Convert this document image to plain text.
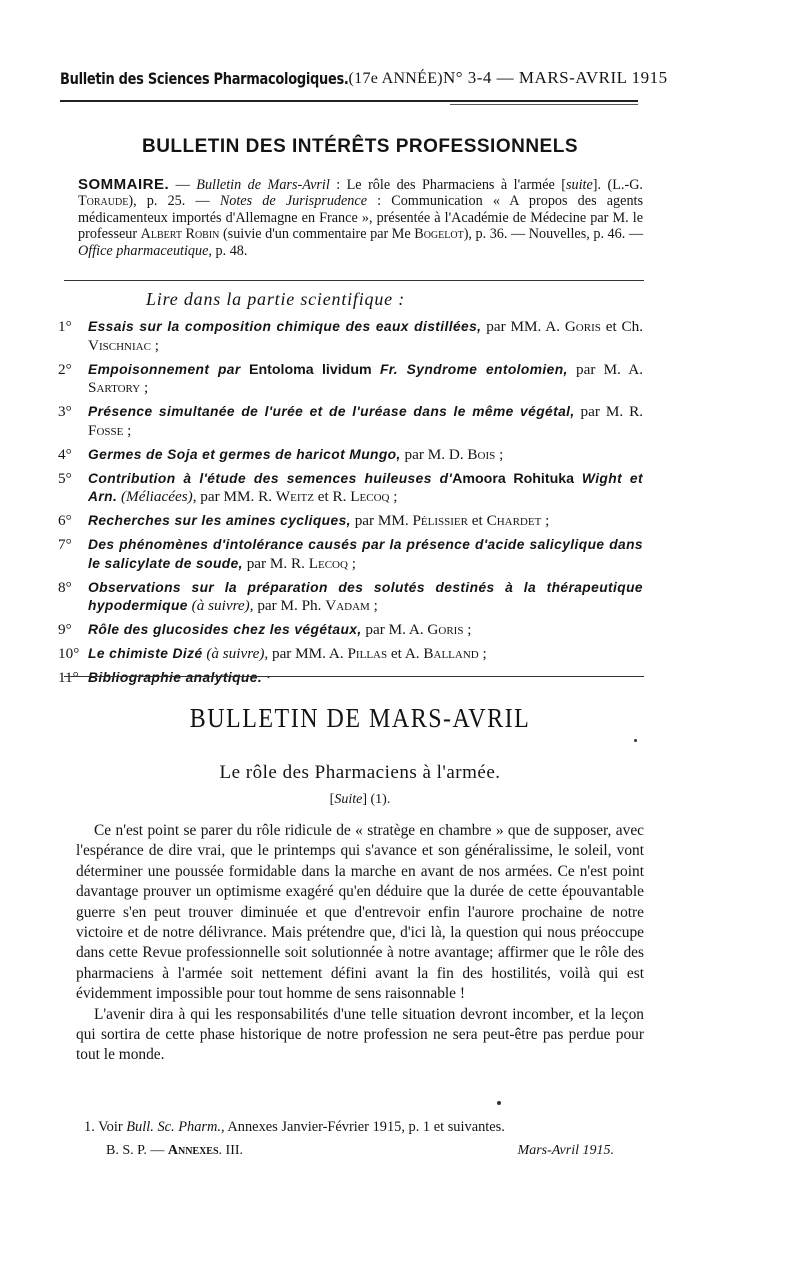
Bulletin des Sciences Pharmacologiques. (17e ANNÉE) N° 3-4 — MARS-AVRIL 1915
BULLETIN DES INTÉRÊTS PROFESSIONNELS
SOMMAIRE. — Bulletin de Mars-Avril : Le rôle des Pharmaciens à l'armée [suite]. (L.-G. Toraude), p. 25. — Notes de Jurisprudence : Communication « A propos des agents médicamenteux importés d'Allemagne en France », présentée à l'Académie de Médecine par M. le professeur Albert Robin (suivie d'un commentaire par Me Bogelot), p. 36. — Nouvelles, p. 46. — Office pharmaceutique, p. 48.
Lire dans la partie scientifique :
1°	Essais sur la composition chimique des eaux distillées, par MM. A. Goris et Ch. Vischniac ;
2°	Empoisonnement par Entoloma lividum Fr. Syndrome entolomien, par M. A. Sartory ;
3°	Présence simultanée de l'urée et de l'uréase dans le même végétal, par M. R. Fosse ;
4°	Germes de Soja et germes de haricot Mungo, par M. D. Bois ;
5°	Contribution à l'étude des semences huileuses d'Amoora Rohituka Wight et Arn. (Méliacées), par MM. R. Weitz et R. Lecoq ;
6°	Recherches sur les amines cycliques, par MM. Pélissier et Chardet ;
7°	Des phénomènes d'intolérance causés par la présence d'acide salicylique dans le salicylate de soude, par M. R. Lecoq ;
8°	Observations sur la préparation des solutés destinés à la thérapeutique hypodermique (à suivre), par M. Ph. Vadam ;
9°	Rôle des glucosides chez les végétaux, par M. A. Goris ;
10° Le chimiste Dizé (à suivre), par MM. A. Pillas et A. Balland ;
11° Bibliographie analytique. ·
BULLETIN DE MARS-AVRIL
Le rôle des Pharmaciens à l'armée.
[Suite] (1).

Ce n'est point se parer du rôle ridicule de « stratège en chambre » que de supposer, avec l'espérance de dire vrai, que le printemps qui s'avance et son généralissime, le soleil, vont déterminer une poussée formidable dans la marche en avant de nos armées. Ce n'est point davantage prouver un optimisme exagéré qu'en déduire que la durée de cette épouvantable guerre s'en peut trouver diminuée et que d'entrevoir enfin l'aurore prochaine de notre victoire et de notre délivrance. Mais prétendre que, d'ici là, la question qui nous préoccupe dans cette Revue professionnelle soit solutionnée à notre avantage; affirmer que le rôle des pharmaciens à l'armée soit nettement défini avant la fin des hostilités, voilà qui est évidemment impossible pour tout homme de sens raisonnable !

L'avenir dira à qui les responsabilités d'une telle situation devront incomber, et la leçon qui sortira de cette phase historique de notre profession ne sera peut-être pas perdue pour tout le monde.

1. Voir Bull. Sc. Pharm., Annexes Janvier-Février 1915, p. 1 et suivantes.
B. S. P. — Annexes. III.	Mars-Avril 1915.
